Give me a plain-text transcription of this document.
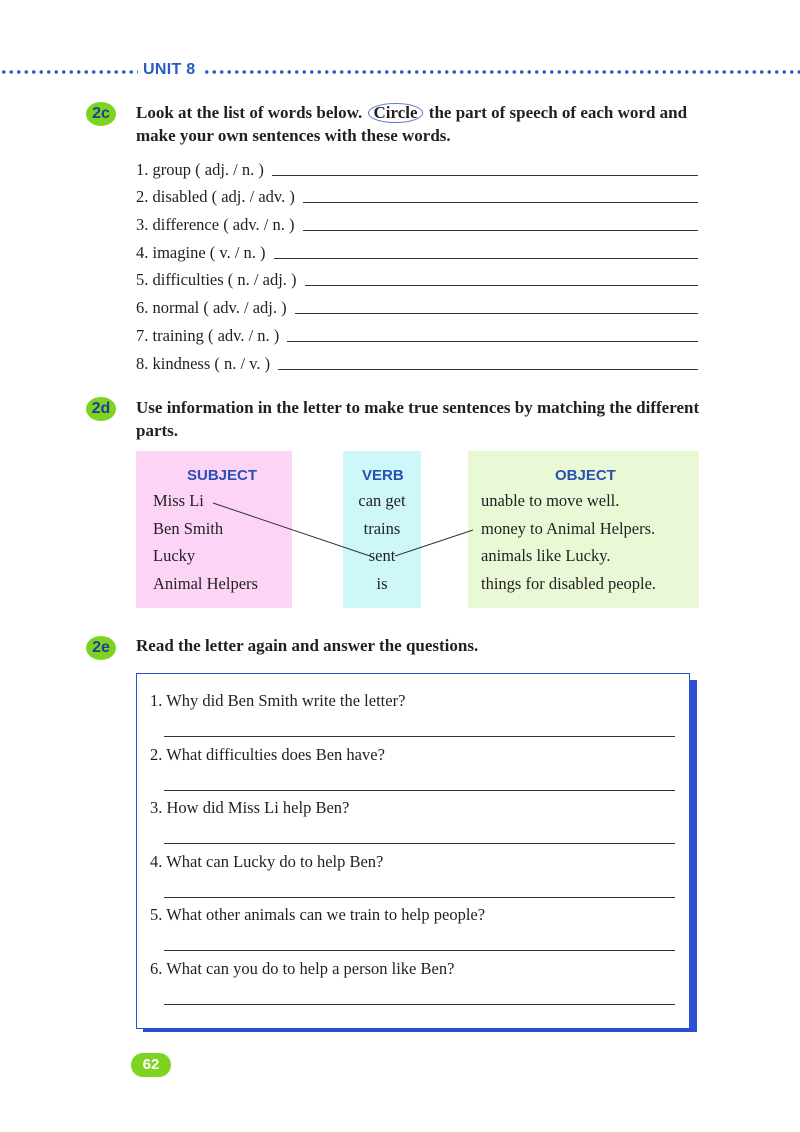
UNIT 8
2c	Look at the list of words below. Circle the part of speech of each word and make your own sentences with these words.
1. group ( adj. / n. )
2. disabled ( adj. / adv. )
3. difference ( adv. / n. )
4. imagine ( v. / n. )
5. difficulties ( n. / adj. )
6. normal ( adv. / adj. )
7. training ( adv. / n. )
8. kindness ( n. / v. )
2d	Use information in the letter to make true sentences by matching the different parts.
SUBJECT	VERB	OBJECT
Miss Li
Ben Smith
Lucky
Animal Helpers
can get
trains
sent
is
unable to move well.
money to Animal Helpers.
animals like Lucky.
things for disabled people.
2e	Read the letter again and answer the questions.
1. Why did Ben Smith write the letter?
2. What difficulties does Ben have?
3. How did Miss Li help Ben?
4. What can Lucky do to help Ben?
5. What other animals can we train to help people?
6. What can you do to help a person like Ben?
62
